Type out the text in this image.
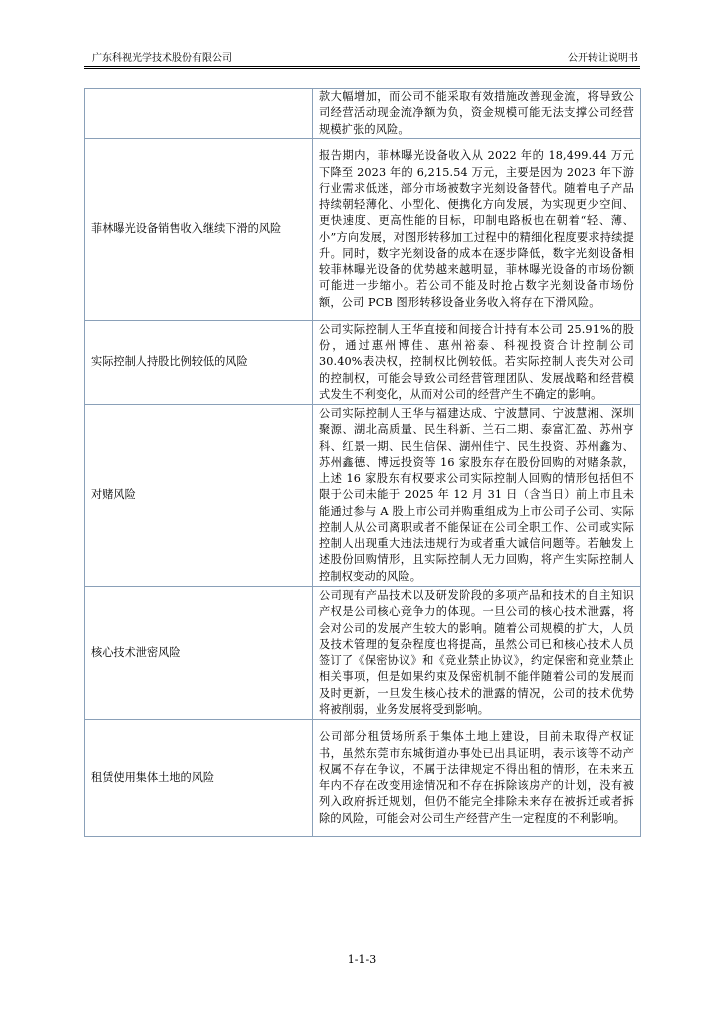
广东科视光学技术股份有限公司	公开转让说明书
	款大幅增加，而公司不能采取有效措施改善现金流，将导致公司经营活动现金流净额为负，资金规模可能无法支撑公司经营规模扩张的风险。
菲林曝光设备销售收入继续下滑的风险	报告期内，菲林曝光设备收入从 2022 年的 18,499.44 万元下降至 2023 年的 6,215.54 万元，主要是因为 2023 年下游行业需求低迷，部分市场被数字光刻设备替代。随着电子产品持续朝轻薄化、小型化、便携化方向发展，为实现更少空间、更快速度、更高性能的目标，印制电路板也在朝着“轻、薄、小”方向发展，对图形转移加工过程中的精细化程度要求持续提升。同时，数字光刻设备的成本在逐步降低，数字光刻设备相较菲林曝光设备的优势越来越明显，菲林曝光设备的市场份额可能进一步缩小。若公司不能及时抢占数字光刻设备市场份额，公司 PCB 图形转移设备业务收入将存在下滑风险。
实际控制人持股比例较低的风险	公司实际控制人王华直接和间接合计持有本公司 25.91%的股份，通过惠州博佳、惠州裕泰、科视投资合计控制公司30.40%表决权，控制权比例较低。若实际控制人丧失对公司的控制权，可能会导致公司经营管理团队、发展战略和经营模式发生不利变化，从而对公司的经营产生不确定的影响。
对赌风险	公司实际控制人王华与福建达成、宁波慧同、宁波慧湘、深圳聚源、湖北高质量、民生科新、兰石二期、泰富汇盈、苏州亨科、红景一期、民生信保、湖州佳宁、民生投资、苏州鑫为、苏州鑫德、博远投资等 16 家股东存在股份回购的对赌条款，上述 16 家股东有权要求公司实际控制人回购的情形包括但不限于公司未能于 2025 年 12 月 31 日（含当日）前上市且未能通过参与 A 股上市公司并购重组成为上市公司子公司、实际控制人从公司离职或者不能保证在公司全职工作、公司或实际控制人出现重大违法违规行为或者重大诚信问题等。若触发上述股份回购情形，且实际控制人无力回购，将产生实际控制人控制权变动的风险。
核心技术泄密风险	公司现有产品技术以及研发阶段的多项产品和技术的自主知识产权是公司核心竞争力的体现。一旦公司的核心技术泄露，将会对公司的发展产生较大的影响。随着公司规模的扩大，人员及技术管理的复杂程度也将提高，虽然公司已和核心技术人员签订了《保密协议》和《竞业禁止协议》，约定保密和竞业禁止相关事项，但是如果约束及保密机制不能伴随着公司的发展而及时更新，一旦发生核心技术的泄露的情况，公司的技术优势将被削弱，业务发展将受到影响。
租赁使用集体土地的风险	公司部分租赁场所系于集体土地上建设，目前未取得产权证书，虽然东莞市东城街道办事处已出具证明，表示该等不动产权属不存在争议，不属于法律规定不得出租的情形，在未来五年内不存在改变用途情况和不存在拆除该房产的计划，没有被列入政府拆迁规划，但仍不能完全排除未来存在被拆迁或者拆除的风险，可能会对公司生产经营产生一定程度的不利影响。
1-1-3
